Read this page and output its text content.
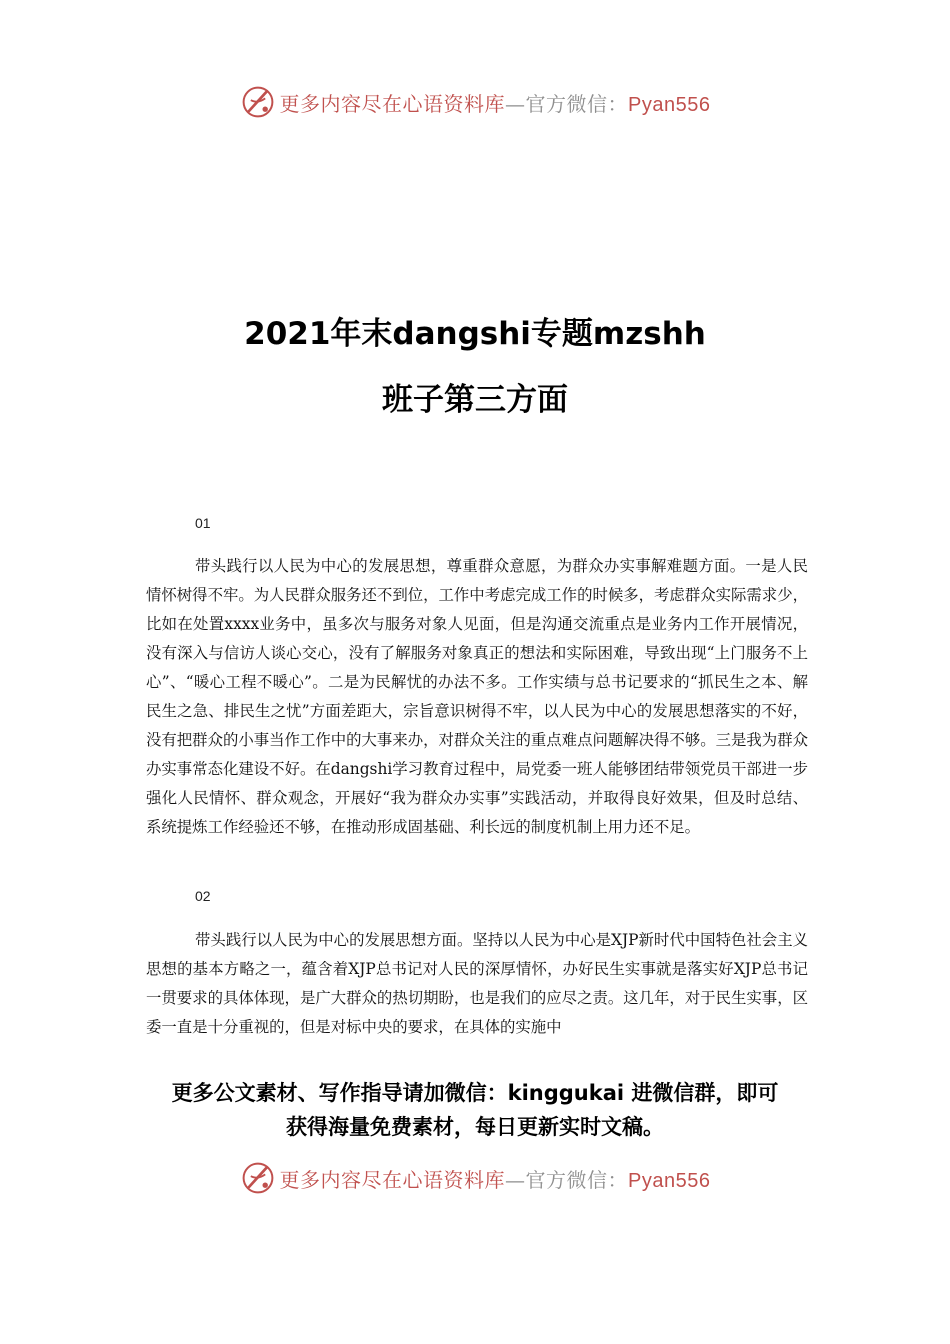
更多内容尽在心语资料库—官方微信：Pyan556
2021年末dangshi专题mzshh
班子第三方面
01

带头践行以人民为中心的发展思想，尊重群众意愿，为群众办实事解难题方面。一是人民情怀树得不牢。为人民群众服务还不到位，工作中考虑完成工作的时候多，考虑群众实际需求少，比如在处置xxxx业务中，虽多次与服务对象人见面，但是沟通交流重点是业务内工作开展情况，没有深入与信访人谈心交心，没有了解服务对象真正的想法和实际困难，导致出现“上门服务不上心”、“暖心工程不暖心”。二是为民解忧的办法不多。工作实绩与总书记要求的“抓民生之本、解民生之急、排民生之忧”方面差距大，宗旨意识树得不牢，以人民为中心的发展思想落实的不好，没有把群众的小事当作工作中的大事来办，对群众关注的重点难点问题解决得不够。三是我为群众办实事常态化建设不好。在dangshi学习教育过程中，局党委一班人能够团结带领党员干部进一步强化人民情怀、群众观念，开展好“我为群众办实事”实践活动，并取得良好效果，但及时总结、系统提炼工作经验还不够，在推动形成固基础、利长远的制度机制上用力还不足。

02

带头践行以人民为中心的发展思想方面。坚持以人民为中心是XJP新时代中国特色社会主义思想的基本方略之一，蕴含着XJP总书记对人民的深厚情怀，办好民生实事就是落实好XJP总书记一贯要求的具体体现，是广大群众的热切期盼，也是我们的应尽之责。这几年，对于民生实事，区委一直是十分重视的，但是对标中央的要求，在具体的实施中

更多公文素材、写作指导请加微信：kinggukai 进微信群，即可
获得海量免费素材，每日更新实时文稿。
更多内容尽在心语资料库—官方微信：Pyan556
